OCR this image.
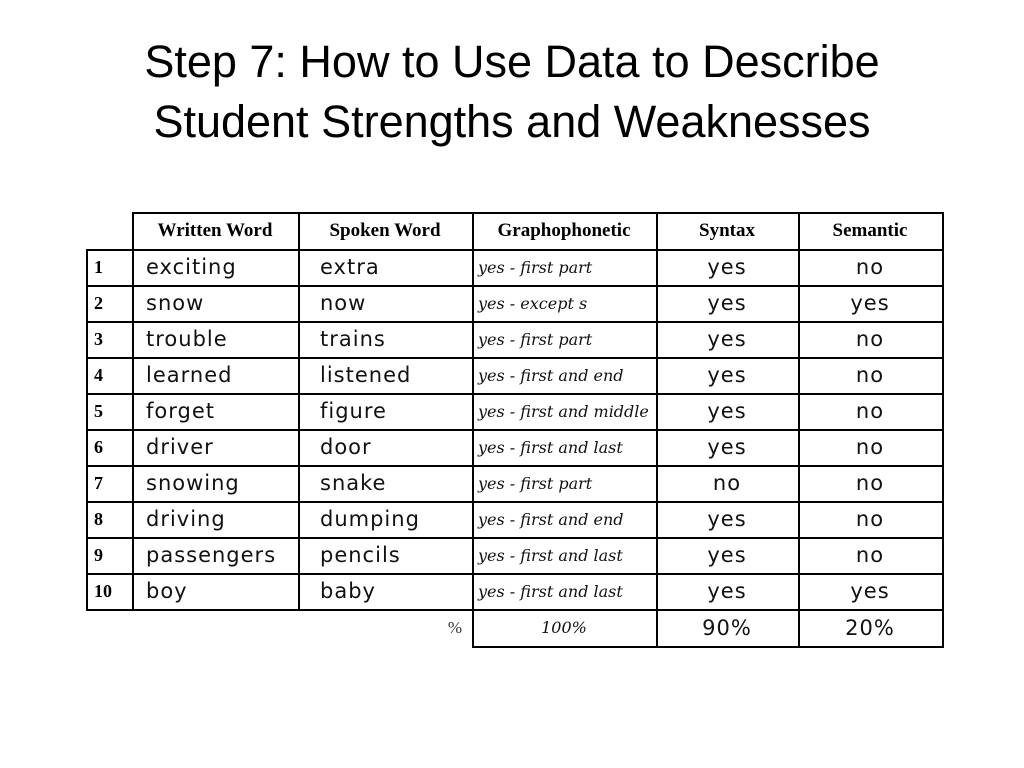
Step 7: How to Use Data to Describe
Student Strengths and Weaknesses
Written Word	Spoken Word	Graphophonetic	Syntax	Semantic
1	exciting	extra	yes - first part	yes	no
2	snow	now	yes - except s	yes	yes
3	trouble	trains	yes - first part	yes	no
4	learned	listened	yes - first and end	yes	no
5	forget	figure	yes - first and middle	yes	no
6	driver	door	yes - first and last	yes	no
7	snowing	snake	yes - first part	no	no
8	driving	dumping	yes - first and end	yes	no
9	passengers	pencils	yes - first and last	yes	no
10	boy	baby	yes - first and last	yes	yes
%	100%	90%	20%
